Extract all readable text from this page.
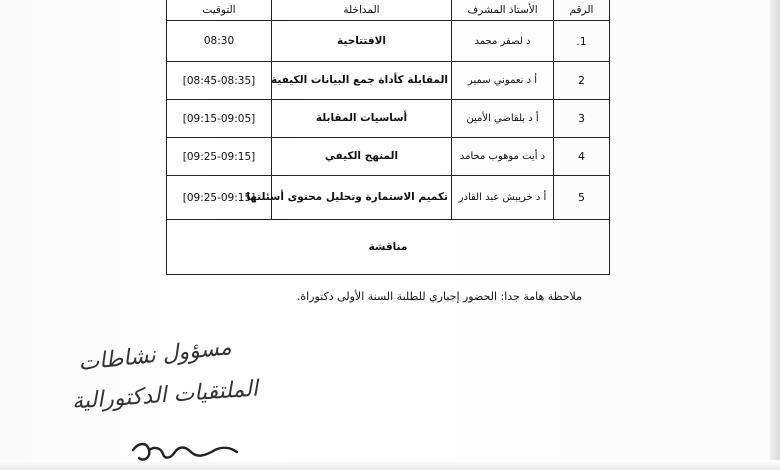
الرقم	الأستاذ المشرف	المداخلة	التوقيت
1.	د لصفر محمد	الافتتاحية	08:30
2	أ د نعموني سمير	المقابلة كأداة جمع البيانات الكيفية	[08:45-08:35]
3	أ د بلقاضي الأمين	أساسيات المقابلة	[09:15-09:05]
4	د أيت موهوب محامد	المنهج الكيفي	[09:25-09:15]
5	أ د خريبش عبد القادر	تكميم الاستمارة وتحليل محتوى أسئلتها	[09:25-09:15]
مناقشة			
ملاحظة هامة جدا: الحضور إجباري للطلبة السنة الأولى دكتوراة.
مسؤول نشاطات
الملتقيات الدكتورالية
